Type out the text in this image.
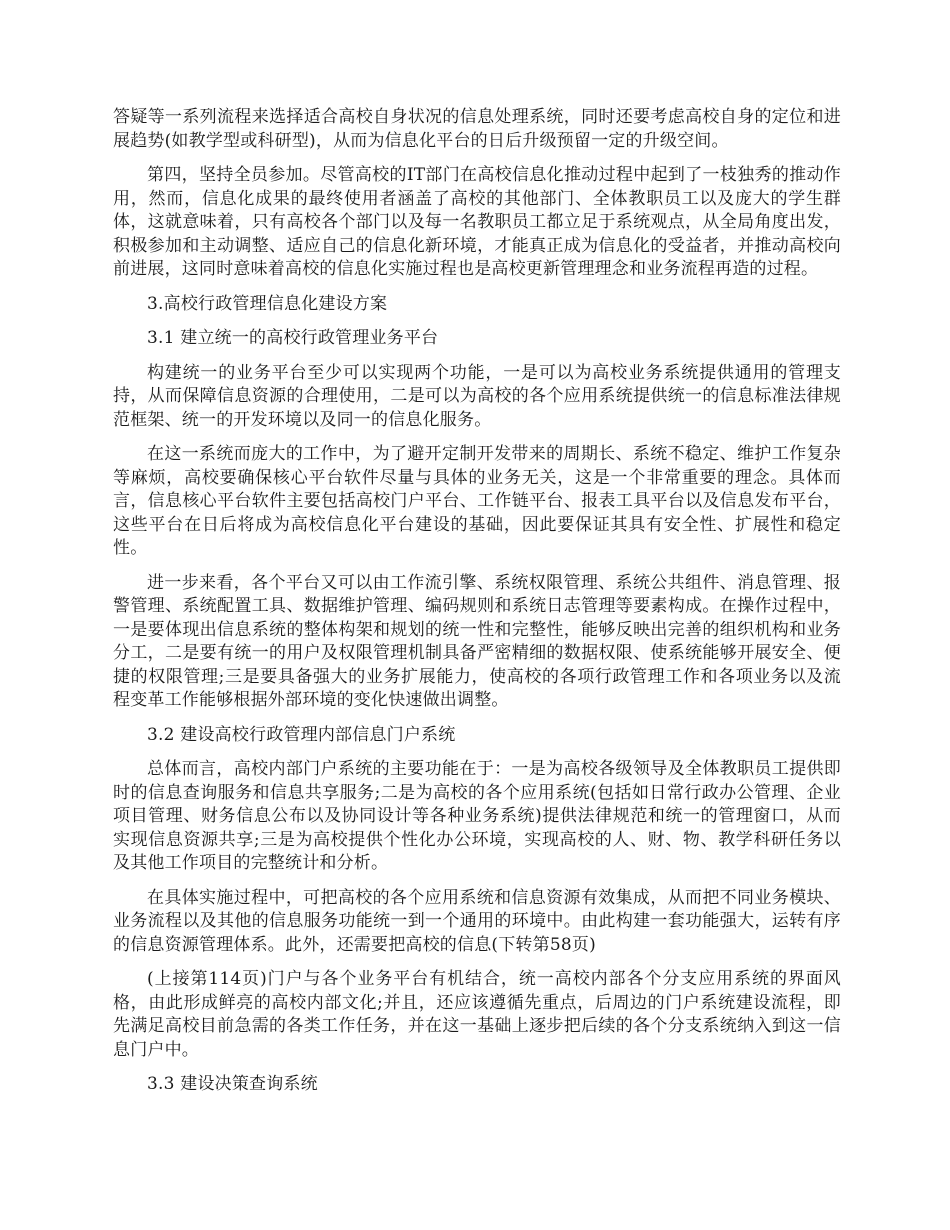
答疑等一系列流程来选择适合高校自身状况的信息处理系统，同时还要考虑高校自身的定位和进展趋势(如教学型或科研型)，从而为信息化平台的日后升级预留一定的升级空间。

第四，坚持全员参加。尽管高校的IT部门在高校信息化推动过程中起到了一枝独秀的推动作用，然而，信息化成果的最终使用者涵盖了高校的其他部门、全体教职员工以及庞大的学生群体，这就意味着，只有高校各个部门以及每一名教职员工都立足于系统观点，从全局角度出发，积极参加和主动调整、适应自己的信息化新环境，才能真正成为信息化的受益者，并推动高校向前进展，这同时意味着高校的信息化实施过程也是高校更新管理理念和业务流程再造的过程。

3.高校行政管理信息化建设方案

3.1 建立统一的高校行政管理业务平台

构建统一的业务平台至少可以实现两个功能，一是可以为高校业务系统提供通用的管理支持，从而保障信息资源的合理使用，二是可以为高校的各个应用系统提供统一的信息标准法律规范框架、统一的开发环境以及同一的信息化服务。

在这一系统而庞大的工作中，为了避开定制开发带来的周期长、系统不稳定、维护工作复杂等麻烦，高校要确保核心平台软件尽量与具体的业务无关，这是一个非常重要的理念。具体而言，信息核心平台软件主要包括高校门户平台、工作链平台、报表工具平台以及信息发布平台，这些平台在日后将成为高校信息化平台建设的基础，因此要保证其具有安全性、扩展性和稳定性。

进一步来看，各个平台又可以由工作流引擎、系统权限管理、系统公共组件、消息管理、报警管理、系统配置工具、数据维护管理、编码规则和系统日志管理等要素构成。在操作过程中，一是要体现出信息系统的整体构架和规划的统一性和完整性，能够反映出完善的组织机构和业务分工，二是要有统一的用户及权限管理机制具备严密精细的数据权限、使系统能够开展安全、便捷的权限管理;三是要具备强大的业务扩展能力，使高校的各项行政管理工作和各项业务以及流程变革工作能够根据外部环境的变化快速做出调整。

3.2 建设高校行政管理内部信息门户系统

总体而言，高校内部门户系统的主要功能在于：一是为高校各级领导及全体教职员工提供即时的信息查询服务和信息共享服务;二是为高校的各个应用系统(包括如日常行政办公管理、企业项目管理、财务信息公布以及协同设计等各种业务系统)提供法律规范和统一的管理窗口，从而实现信息资源共享;三是为高校提供个性化办公环境，实现高校的人、财、物、教学科研任务以及其他工作项目的完整统计和分析。

在具体实施过程中，可把高校的各个应用系统和信息资源有效集成，从而把不同业务模块、业务流程以及其他的信息服务功能统一到一个通用的环境中。由此构建一套功能强大，运转有序的信息资源管理体系。此外，还需要把高校的信息(下转第58页)

(上接第114页)门户与各个业务平台有机结合，统一高校内部各个分支应用系统的界面风格，由此形成鲜亮的高校内部文化;并且，还应该遵循先重点，后周边的门户系统建设流程，即先满足高校目前急需的各类工作任务，并在这一基础上逐步把后续的各个分支系统纳入到这一信息门户中。

3.3 建设决策查询系统
